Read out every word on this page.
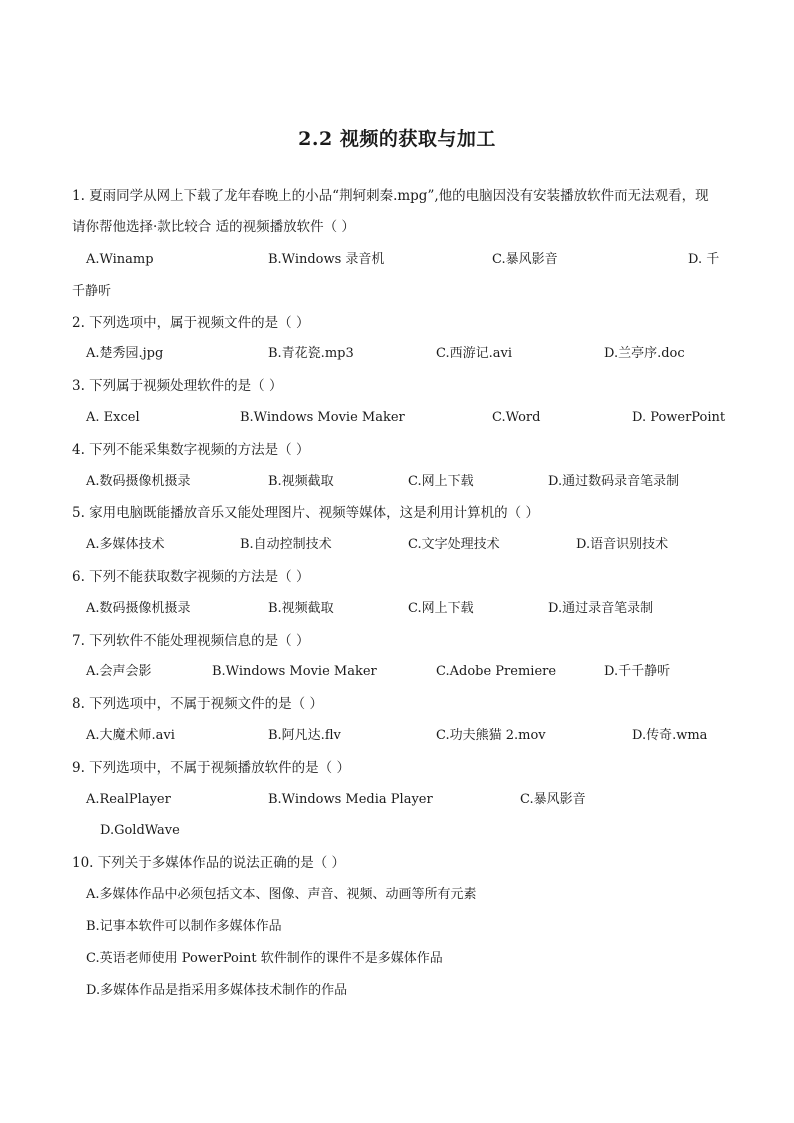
2.2 视频的获取与加工
1. 夏雨同学从网上下载了龙年春晚上的小品“荆轲刺秦.mpg”,他的电脑因没有安装播放软件而无法观看，现
请你帮他选择·款比较合 适的视频播放软件（ ）
A.Winamp	B.Windows 录音机	C.暴风影音	D. 千
千静听
2. 下列选项中，属于视频文件的是（ ）
A.楚秀园.jpg	B.青花瓷.mp3	C.西游记.avi	D.兰亭序.doc
3. 下列属于视频处理软件的是（ ）
A. Excel	B.Windows Movie Maker	C.Word	D. PowerPoint
4. 下列不能采集数字视频的方法是（ ）
A.数码摄像机摄录	B.视频截取	C.网上下载	D.通过数码录音笔录制
5. 家用电脑既能播放音乐又能处理图片、视频等媒体，这是利用计算机的（ ）
A.多媒体技术	B.自动控制技术	C.文字处理技术	D.语音识别技术
6. 下列不能获取数字视频的方法是（ ）
A.数码摄像机摄录	B.视频截取	C.网上下载	D.通过录音笔录制
7. 下列软件不能处理视频信息的是（ ）
A.会声会影	B.Windows Movie Maker	C.Adobe Premiere	D.千千静听
8. 下列选项中，不属于视频文件的是（ ）
A.大魔术师.avi	B.阿凡达.flv	C.功夫熊猫 2.mov	D.传奇.wma
9. 下列选项中，不属于视频播放软件的是（ ）
A.RealPlayer	B.Windows Media Player	C.暴风影音
D.GoldWave
10. 下列关于多媒体作品的说法正确的是（ ）
A.多媒体作品中必须包括文本、图像、声音、视频、动画等所有元素
B.记事本软件可以制作多媒体作品
C.英语老师使用 PowerPoint 软件制作的课件不是多媒体作品
D.多媒体作品是指采用多媒体技术制作的作品
